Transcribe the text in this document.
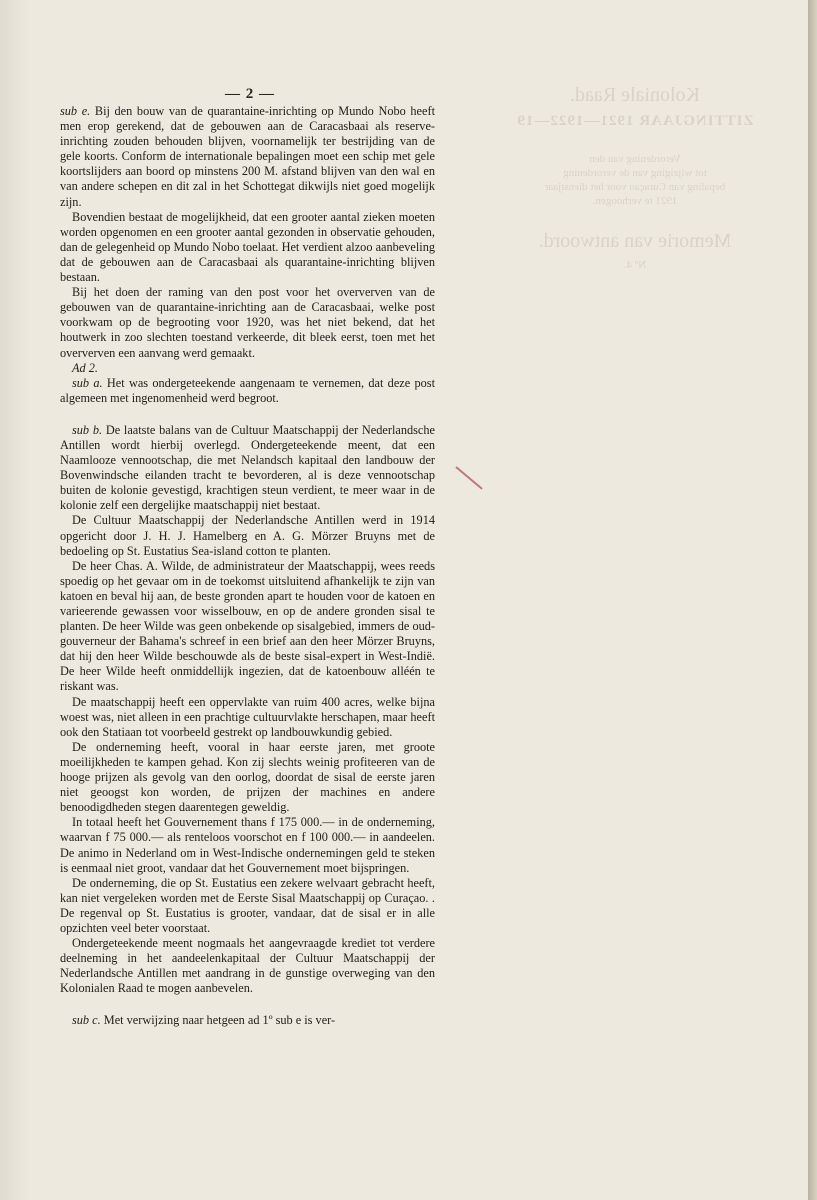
Koloniale Raad.
ZITTINGJAAR 1921—1922—19
Verordening van den
tot wijziging van de verordening
bepaling van Curaçao voor het dienstjaar
1921 te verhoogen.
Memorie van antwoord.
Nº 4.
— 2 —

sub e. Bij den bouw van de quarantaine-inrichting op Mundo Nobo heeft men erop gerekend, dat de gebouwen aan de Caracasbaai als reserve-inrichting zouden behouden blijven, voornamelijk ter bestrijding van de gele koorts. Conform de internationale bepalingen moet een schip met gele koortslijders aan boord op minstens 200 M. afstand blijven van den wal en van andere schepen en dit zal in het Schottegat dikwijls niet goed mogelijk zijn.

Bovendien bestaat de mogelijkheid, dat een grooter aantal zieken moeten worden opgenomen en een grooter aantal gezonden in observatie gehouden, dan de gelegenheid op Mundo Nobo toelaat. Het verdient alzoo aanbeveling dat de gebouwen aan de Caracasbaai als quarantaine-inrichting blijven bestaan.

Bij het doen der raming van den post voor het oververven van de gebouwen van de quarantaine-inrichting aan de Caracasbaai, welke post voorkwam op de begrooting voor 1920, was het niet bekend, dat het houtwerk in zoo slechten toestand verkeerde, dit bleek eerst, toen met het oververven een aanvang werd gemaakt.

Ad 2.

sub a. Het was ondergeteekende aangenaam te vernemen, dat deze post algemeen met ingenomenheid werd begroot.

sub b. De laatste balans van de Cultuur Maatschappij der Nederlandsche Antillen wordt hierbij overlegd. Ondergeteekende meent, dat een Naamlooze vennootschap, die met Nelandsch kapitaal den landbouw der Bovenwindsche eilanden tracht te bevorderen, al is deze vennootschap buiten de kolonie gevestigd, krachtigen steun verdient, te meer waar in de kolonie zelf een dergelijke maatschappij niet bestaat.

De Cultuur Maatschappij der Nederlandsche Antillen werd in 1914 opgericht door J. H. J. Hamelberg en A. G. Mörzer Bruyns met de bedoeling op St. Eustatius Sea-island cotton te planten.

De heer Chas. A. Wilde, de administrateur der Maatschappij, wees reeds spoedig op het gevaar om in de toekomst uitsluitend afhankelijk te zijn van katoen en beval hij aan, de beste gronden apart te houden voor de katoen en varieerende gewassen voor wisselbouw, en op de andere gronden sisal te planten. De heer Wilde was geen onbekende op sisalgebied, immers de oud-gouverneur der Bahama's schreef in een brief aan den heer Mörzer Bruyns, dat hij den heer Wilde beschouwde als de beste sisal-expert in West-Indië. De heer Wilde heeft onmiddellijk ingezien, dat de katoenbouw alléén te riskant was.

De maatschappij heeft een oppervlakte van ruim 400 acres, welke bijna woest was, niet alleen in een prachtige cultuurvlakte herschapen, maar heeft ook den Statiaan tot voorbeeld gestrekt op landbouwkundig gebied.

De onderneming heeft, vooral in haar eerste jaren, met groote moeilijkheden te kampen gehad. Kon zij slechts weinig profiteeren van de hooge prijzen als gevolg van den oorlog, doordat de sisal de eerste jaren niet geoogst kon worden, de prijzen der machines en andere benoodigdheden stegen daarentegen geweldig.

In totaal heeft het Gouvernement thans f 175 000.— in de onderneming, waarvan f 75 000.— als renteloos voorschot en f 100 000.— in aandeelen. De animo in Nederland om in West-Indische ondernemingen geld te steken is eenmaal niet groot, vandaar dat het Gouvernement moet bijspringen.

De onderneming, die op St. Eustatius een zekere welvaart gebracht heeft, kan niet vergeleken worden met de Eerste Sisal Maatschappij op Curaçao. . De regenval op St. Eustatius is grooter, vandaar, dat de sisal er in alle opzichten veel beter voorstaat.

Ondergeteekende meent nogmaals het aangevraagde krediet tot verdere deelneming in het aandeelenkapitaal der Cultuur Maatschappij der Nederlandsche Antillen met aandrang in de gunstige overweging van den Kolonialen Raad te mogen aanbevelen.

sub c. Met verwijzing naar hetgeen ad 1º sub e is ver-
